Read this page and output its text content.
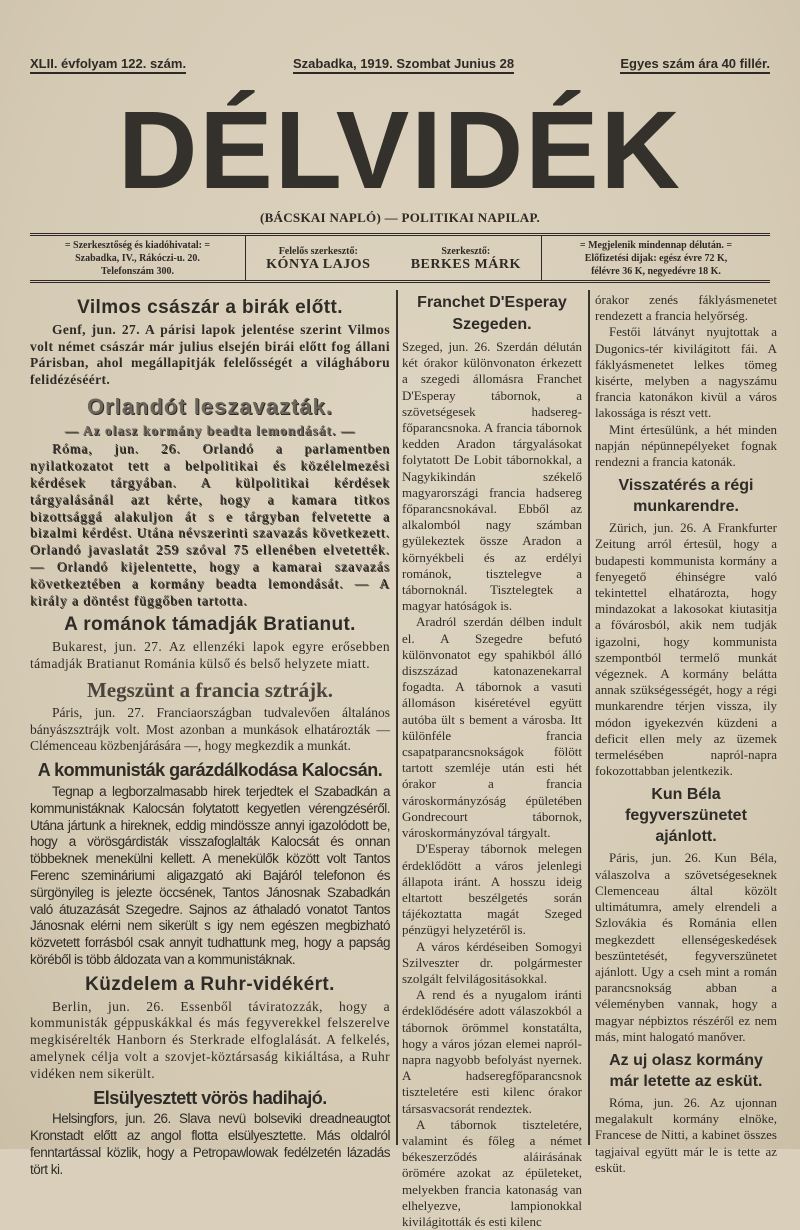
XLII. évfolyam 122. szám.	Szabadka, 1919. Szombat Junius 28	Egyes szám ára 40 fillér.
DÉLVIDÉK
(BÁCSKAI NAPLÓ) — POLITIKAI NAPILAP.
= Szerkesztőség és kiadóhivatal: =
Szabadka, IV., Rákóczi-u. 20.
Telefonszám 300.
Felelős szerkesztő:
KÓNYA LAJOS
Szerkesztő:
BERKES MÁRK
= Megjelenik mindennap délután. =
Előfizetési dijak: egész évre 72 K,
félévre 36 K, negyedévre 18 K.
Vilmos császár a birák előtt.

Genf, jun. 27. A párisi lapok jelentése szerint Vilmos volt német császár már julius elsején birái előtt fog állani Párisban, ahol megállapitják felelősségét a világháboru felidézéséért.

Orlandót leszavazták.
— Az olasz kormány beadta lemondását. —

Róma, jun. 26. Orlandó a parlamentben nyilatkozatot tett a belpolitikai és közélelmezési kérdések tárgyában. A külpolitikai kérdések tárgyalásánál azt kérte, hogy a kamara titkos bizottsággá alakuljon át s e tárgyban felvetette a bizalmi kérdést. Utána névszerinti szavazás következett. Orlandó javaslatát 259 szóval 75 ellenében elvetették. — Orlandó kijelentette, hogy a kamarai szavazás következtében a kormány beadta lemondását. — A király a döntést függőben tartotta.

A románok támadják Bratianut.

Bukarest, jun. 27. Az ellenzéki lapok egyre erősebben támadják Bratianut Románia külső és belső helyzete miatt.

Megszünt a francia sztrájk.

Páris, jun. 27. Franciaországban tudvalevően általános bányászsztrájk volt. Most azonban a munkások elhatározták — Clémenceau közbenjárására —, hogy megkezdik a munkát.

A kommunisták garázdálkodása Kalocsán.

Tegnap a legborzalmasabb hirek terjedtek el Szabadkán a kommunistáknak Kalocsán folytatott kegyetlen vérengzéséről. Utána jártunk a hireknek, eddig mindössze annyi igazolódott be, hogy a vörösgárdisták visszafoglalták Kalocsát és onnan többeknek menekülni kellett. A menekülők között volt Tantos Ferenc szemináriumi aligazgató aki Bajáról telefonon és sürgönyileg is jelezte öccsének, Tantos Jánosnak Szabadkán való átuzazását Szegedre. Sajnos az áthaladó vonatot Tantos Jánosnak elérni nem sikerült s igy nem egészen megbizható közvetett forrásból csak annyit tudhattunk meg, hogy a papság köréből is több áldozata van a kommunistáknak.

Küzdelem a Ruhr-vidékért.

Berlin, jun. 26. Essenből táviratozzák, hogy a kommunisták géppuskákkal és más fegyverekkel felszerelve megkisérelték Hanborn és Sterkrade elfoglalását. A felkelés, amelynek célja volt a szovjet-köztársaság kikiáltása, a Ruhr vidéken nem sikerült.

Elsülyesztett vörös hadihajó.

Helsingfors, jun. 26. Slava nevü bolseviki dreadneaugtot Kronstadt előtt az angol flotta elsülyesztette. Más oldalról fenntartással közlik, hogy a Petropawlowak fedélzetén lázadás tört ki.

Franchet D'Esperay Szegeden.

Szeged, jun. 26. Szerdán délután két órakor különvonaton érkezett a szegedi állomásra Franchet D'Esperay tábornok, a szövetségesek hadsereg-főparancsnoka. A francia tábornok kedden Aradon tárgyalásokat folytatott De Lobit tábornokkal, a Nagykikindán székelő magyarországi francia hadsereg főparancsnokával. Ebből az alkalomból nagy számban gyülekeztek össze Aradon a környékbeli és az erdélyi románok, tisztelegve a tábornoknál. Tisztelegtek a magyar hatóságok is.

Aradról szerdán délben indult el. A Szegedre befutó különvonatot egy spahikból álló diszszázad katonazenekarral fogadta. A tábornok a vasuti állomáson kiséretével együtt autóba ült s bement a városba. Itt különféle francia csapatparancsnokságok fölött tartott szemléje után esti hét órakor a francia városkormányzóság épületében Gondrecourt tábornok, városkormányzóval tárgyalt.

D'Esperay tábornok melegen érdeklődött a város jelenlegi állapota iránt. A hosszu ideig eltartott beszélgetés során tájékoztatta magát Szeged pénzügyi helyzetéről is.

A város kérdéseiben Somogyi Szilveszter dr. polgármester szolgált felvilágositásokkal.

A rend és a nyugalom iránti érdeklődésére adott válaszokból a tábornok örömmel konstatálta, hogy a város józan elemei napról-napra nagyobb befolyást nyernek. A hadseregfőparancsnok tiszteletére esti kilenc órakor társasvacsorát rendeztek.

A tábornok tiszteletére, valamint és főleg a német békeszerződés aláirásának örömére azokat az épületeket, melyekben francia katonaság van elhelyezve, lampionokkal kivilágitották és esti kilenc

órakor zenés fáklyásmenetet rendezett a francia helyőrség.

Festői látványt nyujtottak a Dugonics-tér kivilágitott fái. A fáklyásmenetet lelkes tömeg kisérte, melyben a nagyszámu francia katonákon kivül a város lakossága is részt vett.

Mint értesülünk, a hét minden napján népünnepélyeket fognak rendezni a francia katonák.

Visszatérés a régi munkarendre.

Zürich, jun. 26. A Frankfurter Zeitung arról értesül, hogy a budapesti kommunista kormány a fenyegető éhinségre való tekintettel elhatározta, hogy mindazokat a lakosokat kiutasitja a fővárosból, akik nem tudják igazolni, hogy kommunista szempontból termelő munkát végeznek. A kormány belátta annak szükségességét, hogy a régi munkarendre térjen vissza, ily módon igyekezvén küzdeni a deficit ellen mely az üzemek termelésében napról-napra fokozottabban jelentkezik.

Kun Béla fegyverszünetet ajánlott.

Páris, jun. 26. Kun Béla, válaszolva a szövetségeseknek Clemenceau által közölt ultimátumra, amely elrendeli a Szlovákia és Románia ellen megkezdett ellenségeskedések beszüntetését, fegyverszünetet ajánlott. Ugy a cseh mint a román parancsnokság abban a véleményben vannak, hogy a magyar népbiztos részéről ez nem más, mint halogató manőver.

Az uj olasz kormány már letette az esküt.

Róma, jun. 26. Az ujonnan megalakult kormány elnöke, Francese de Nitti, a kabinet összes tagjaival együtt már le is tette az esküt.
